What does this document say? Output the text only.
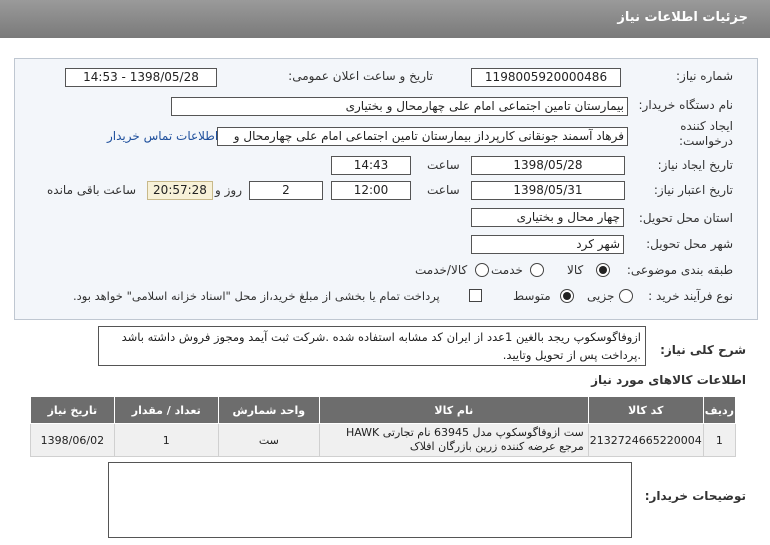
جزئیات اطلاعات نیاز
شماره نیاز:
1198005920000486
تاریخ و ساعت اعلان عمومی:
1398/05/28 - 14:53
نام دستگاه خریدار:
بیمارستان تامین اجتماعی امام علی چهارمحال و بختیاری
ایجاد کننده درخواست:
فرهاد آسمند جونقانی کارپرداز بیمارستان تامین اجتماعی امام علی چهارمحال و
اطلاعات تماس خریدار
تاریخ ایجاد نیاز:
1398/05/28
ساعت
14:43
تاریخ اعتبار نیاز:
1398/05/31
ساعت
12:00
2
روز و
20:57:28
ساعت باقی مانده
استان محل تحویل:
چهار محال و بختیاری
شهر محل تحویل:
شهر کرد
طبقه بندی موضوعی:
کالا
خدمت
کالا/خدمت
نوع فرآیند خرید :
جزیی
متوسط
پرداخت تمام یا بخشی از مبلغ خرید،از محل "اسناد خزانه اسلامی" خواهد بود.
شرح کلی نیاز:
ازوفاگوسکوپ ریجد بالغین 1عدد از ایران کد مشابه استفاده شده .شرکت ثبت آیمد ومجوز فروش داشته باشد .پرداخت پس از تحویل وتایید.
اطلاعات کالاهای مورد نیاز
تاریخ نیاز	تعداد / مقدار	واحد شمارش	نام کالا	کد کالا	ردیف
1398/06/02	1	ست	ست ازوفاگوسکوپ مدل 63945 نام تجارتی HAWK مرجع عرضه کننده زرین بازرگان افلاک	2132724665220004	1
توضیحات خریدار:
